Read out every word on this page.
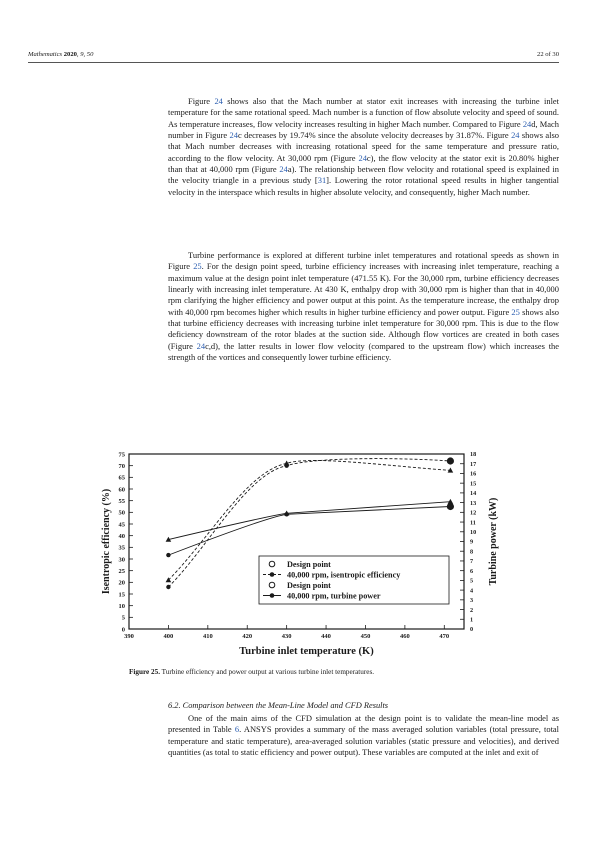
Mathematics 2020, 9, 50	22 of 30

Figure 24 shows also that the Mach number at stator exit increases with increasing the turbine inlet temperature for the same rotational speed. Mach number is a function of flow absolute velocity and speed of sound. As temperature increases, flow velocity increases resulting in higher Mach number. Compared to Figure 24d, Mach number in Figure 24c decreases by 19.74% since the absolute velocity decreases by 31.87%. Figure 24 shows also that Mach number decreases with increasing rotational speed for the same temperature and pressure ratio, according to the flow velocity. At 30,000 rpm (Figure 24c), the flow velocity at the stator exit is 20.80% higher than that at 40,000 rpm (Figure 24a). The relationship between flow velocity and rotational speed is explained in the velocity triangle in a previous study [31]. Lowering the rotor rotational speed results in higher tangential velocity in the interspace which results in higher absolute velocity, and consequently, higher Mach number.

Turbine performance is explored at different turbine inlet temperatures and rotational speeds as shown in Figure 25. For the design point speed, turbine efficiency increases with increasing inlet temperature, reaching a maximum value at the design point inlet temperature (471.55 K). For the 30,000 rpm, turbine efficiency decreases linearly with increasing inlet temperature. At 430 K, enthalpy drop with 30,000 rpm is higher than that in 40,000 rpm clarifying the higher efficiency and power output at this point. As the temperature increase, the enthalpy drop with 40,000 rpm becomes higher which results in higher turbine efficiency and power output. Figure 25 shows also that turbine efficiency decreases with increasing turbine inlet temperature for 30,000 rpm. This is due to the flow deficiency downstream of the rotor blades at the suction side. Although flow vortices are created in both cases (Figure 24c,d), the latter results in lower flow velocity (compared to the upstream flow) which increases the strength of the vortices and consequently lower turbine efficiency.

390	400	410	420	430	440	450	460	470
0
5
10
15
20
25
30
35
40
45
50
55
60
65
70
75
0
1
2
3
4
5
6
7
8
9
10
11
12
13
14
15
16
17
18
Turbine inlet temperature (K)
Isentropic efficiency (%)	Turbine power (kW)
Design point
40,000 rpm, isentropic efficiency
Design point
40,000 rpm, turbine power
Figure 25. Turbine efficiency and power output at various turbine inlet temperatures.
6.2. Comparison between the Mean-Line Model and CFD Results

One of the main aims of the CFD simulation at the design point is to validate the mean-line model as presented in Table 6. ANSYS provides a summary of the mass averaged solution variables (total pressure, total temperature and static temperature), area-averaged solution variables (static pressure and velocities), and derived quantities (as total to static efficiency and power output). These variables are computed at the inlet and exit of
